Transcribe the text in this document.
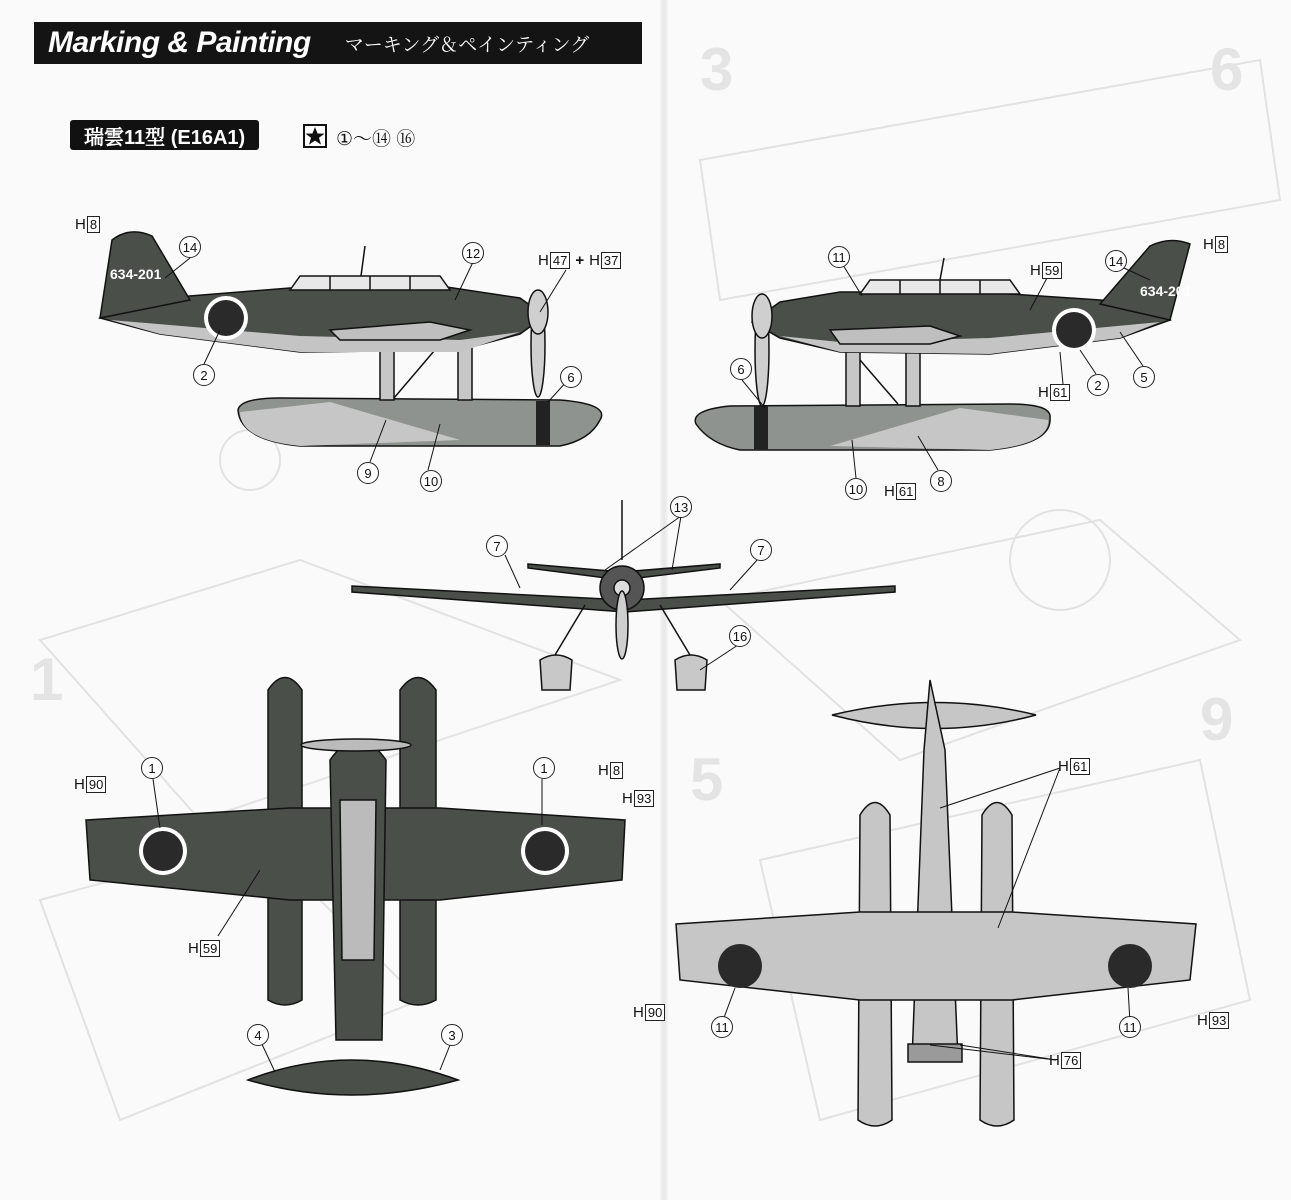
3	6
1
5
9
Marking & Painting マーキング＆ペインティング
瑞雲11型 (E16A1)	①〜⑭ ⑯
634-201
634-201
14	12
2	6
9
10
11	14
6
2
5
10
8
13
7	7
16
1	1
4	3
11	11
H 8
H 47 + H 37
H 8
H 59
H 61
H 61
H 90
H 8
H 93
H 59
H 61
H 90	H 93
H 76
